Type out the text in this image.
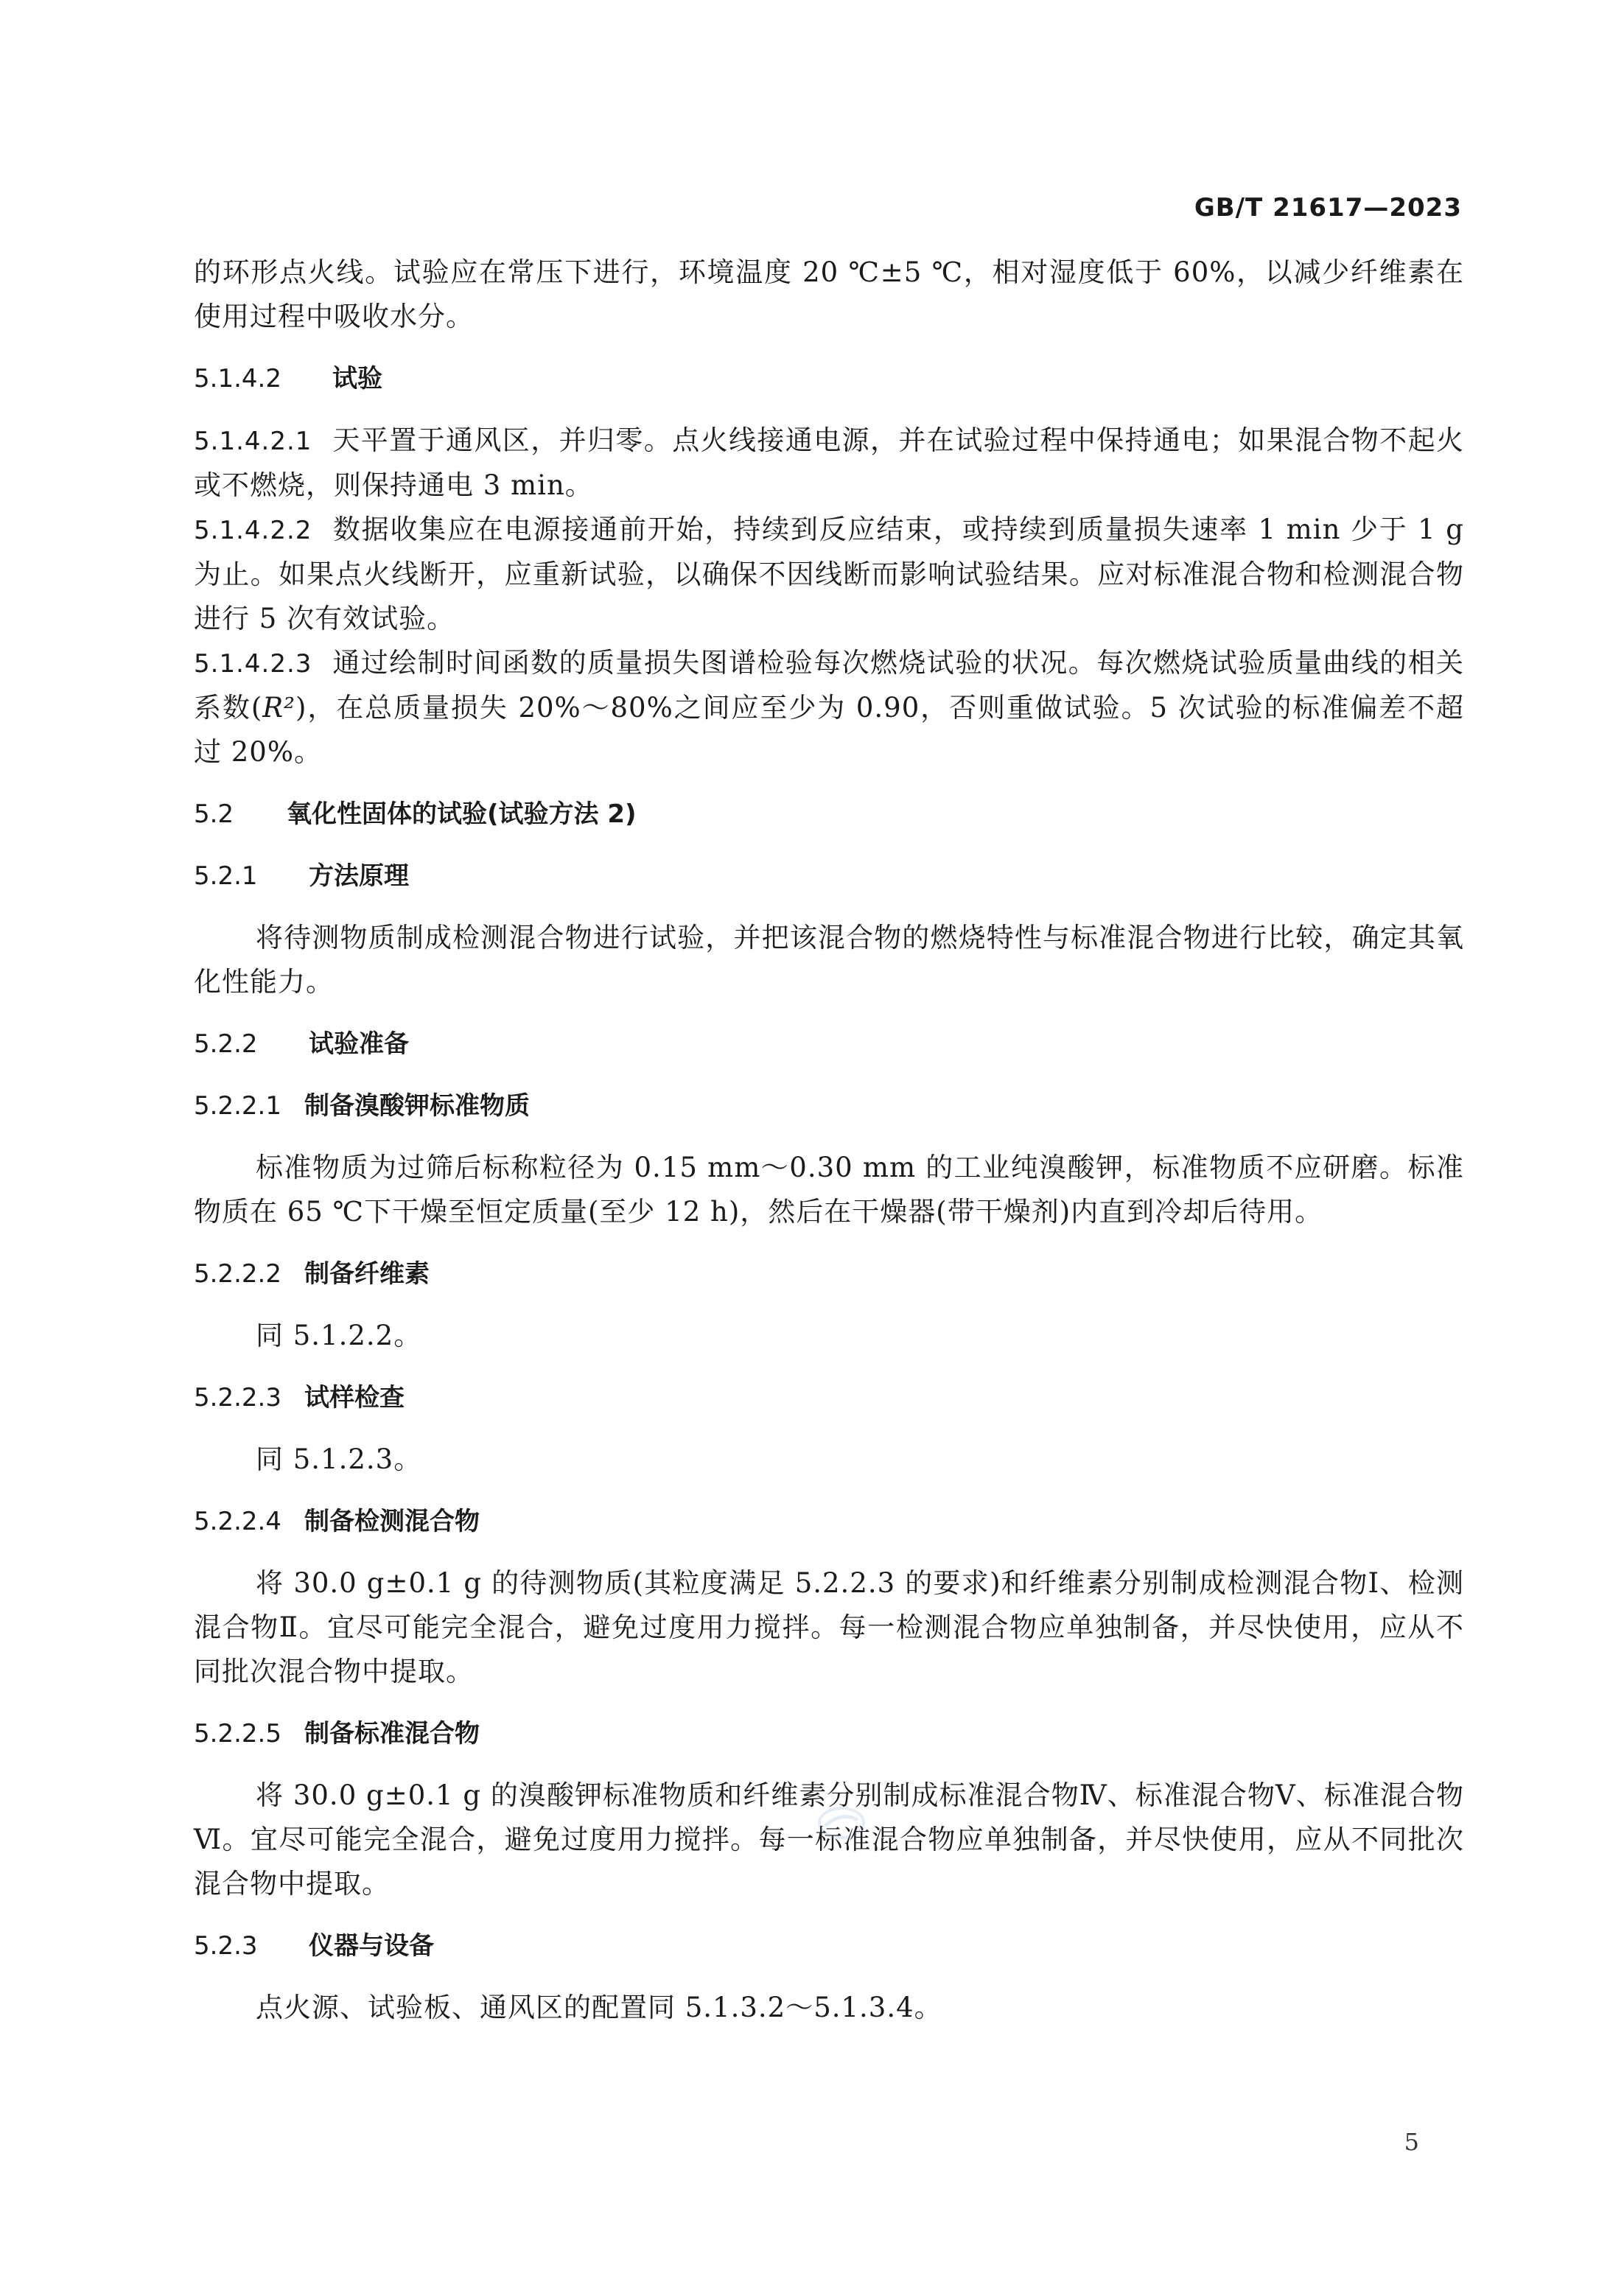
GB/T 21617—2023

的环形点火线。试验应在常压下进行，环境温度 20 ℃±5 ℃，相对湿度低于 60%，以减少纤维素在使用过程中吸收水分。

5.1.4.2 试验

5.1.4.2.1 天平置于通风区，并归零。点火线接通电源，并在试验过程中保持通电；如果混合物不起火或不燃烧，则保持通电 3 min。

5.1.4.2.2 数据收集应在电源接通前开始，持续到反应结束，或持续到质量损失速率 1 min 少于 1 g 为止。如果点火线断开，应重新试验，以确保不因线断而影响试验结果。应对标准混合物和检测混合物进行 5 次有效试验。

5.1.4.2.3 通过绘制时间函数的质量损失图谱检验每次燃烧试验的状况。每次燃烧试验质量曲线的相关系数(R²)，在总质量损失 20%～80%之间应至少为 0.90，否则重做试验。5 次试验的标准偏差不超过 20%。

5.2 氧化性固体的试验(试验方法 2)

5.2.1 方法原理

将待测物质制成检测混合物进行试验，并把该混合物的燃烧特性与标准混合物进行比较，确定其氧化性能力。

5.2.2 试验准备

5.2.2.1 制备溴酸钾标准物质

标准物质为过筛后标称粒径为 0.15 mm～0.30 mm 的工业纯溴酸钾，标准物质不应研磨。标准物质在 65 ℃下干燥至恒定质量(至少 12 h)，然后在干燥器(带干燥剂)内直到冷却后待用。

5.2.2.2 制备纤维素

同 5.1.2.2。

5.2.2.3 试样检查

同 5.1.2.3。

5.2.2.4 制备检测混合物

将 30.0 g±0.1 g 的待测物质(其粒度满足 5.2.2.3 的要求)和纤维素分别制成检测混合物Ⅰ、检测混合物Ⅱ。宜尽可能完全混合，避免过度用力搅拌。每一检测混合物应单独制备，并尽快使用，应从不同批次混合物中提取。

5.2.2.5 制备标准混合物

将 30.0 g±0.1 g 的溴酸钾标准物质和纤维素分别制成标准混合物Ⅳ、标准混合物Ⅴ、标准混合物Ⅵ。宜尽可能完全混合，避免过度用力搅拌。每一标准混合物应单独制备，并尽快使用，应从不同批次混合物中提取。

5.2.3 仪器与设备

点火源、试验板、通风区的配置同 5.1.3.2～5.1.3.4。

5
